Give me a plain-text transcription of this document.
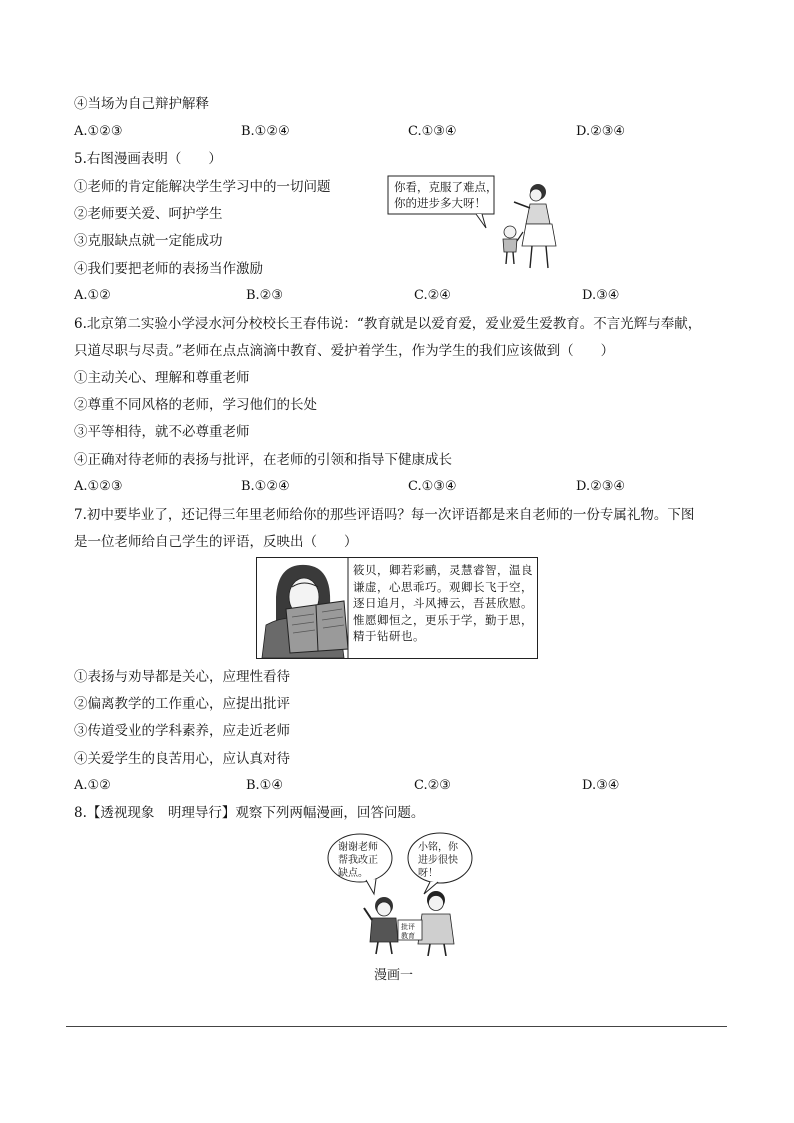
④当场为自己辩护解释
A.①②③	B.①②④	C.①③④	D.②③④
5.右图漫画表明（　　）
①老师的肯定能解决学生学习中的一切问题
②老师要关爱、呵护学生
③克服缺点就一定能成功
④我们要把老师的表扬当作激励
A.①②	B.②③	C.②④	D.③④
你看，克服了难点，
你的进步多大呀！
6.北京第二实验小学浸水河分校校长王春伟说：“教育就是以爱育爱，爱业爱生爱教育。不言光辉与奉献，
只道尽职与尽责。”老师在点点滴滴中教育、爱护着学生，作为学生的我们应该做到（　　）
①主动关心、理解和尊重老师
②尊重不同风格的老师，学习他们的长处
③平等相待，就不必尊重老师
④正确对待老师的表扬与批评，在老师的引领和指导下健康成长
A.①②③	B.①②④	C.①③④	D.②③④
7.初中要毕业了，还记得三年里老师给你的那些评语吗？每一次评语都是来自老师的一份专属礼物。下图
是一位老师给自己学生的评语，反映出（　　）
筱贝，卿若彩鹂，灵慧睿智，温良谦虚，心思乖巧。观卿长飞于空，逐日追月，斗风搏云，吾甚欣慰。惟愿卿恒之，更乐于学，勤于思，精于钻研也。
①表扬与劝导都是关心，应理性看待
②偏离教学的工作重心，应提出批评
③传道受业的学科素养，应走近老师
④关爱学生的良苦用心，应认真对待
A.①②	B.①④	C.②③	D.③④
8.【透视现象　明理导行】观察下列两幅漫画，回答问题。
谢谢老师
帮我改正
缺点。
小铭，你
进步很快
呀！
批评
教育
漫画一
